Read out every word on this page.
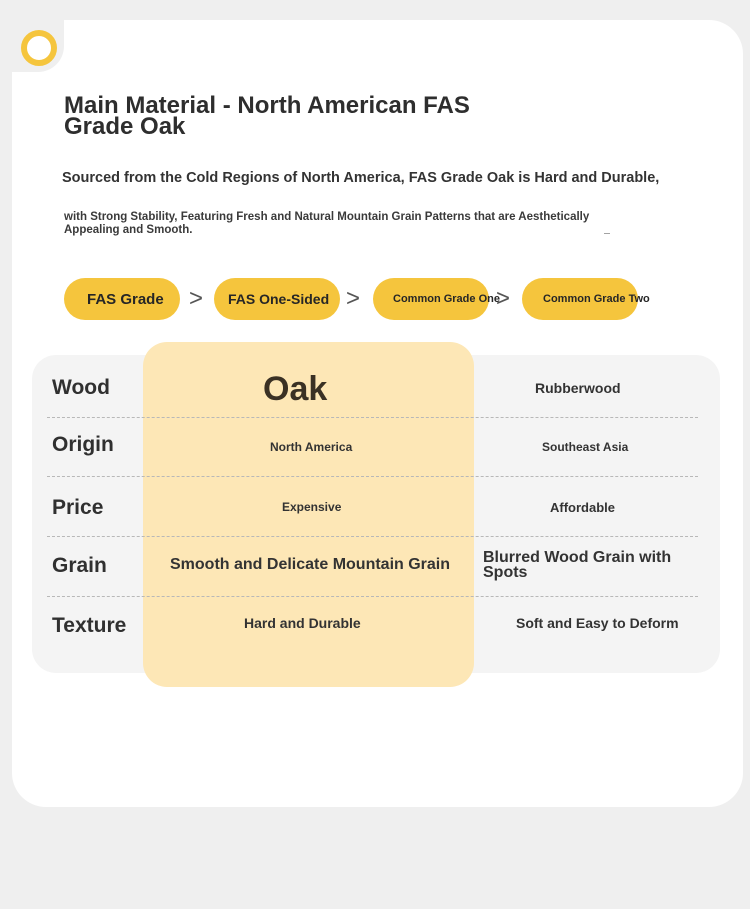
Main Material - North American FAS Grade Oak

Sourced from the Cold Regions of North America, FAS Grade Oak is Hard and Durable,

with Strong Stability, Featuring Fresh and Natural Mountain Grain Patterns that are Aesthetically Appealing and Smooth.

FAS Grade > FAS One-Sided >	Common Grade One
>	Common Grade Two
Wood
Origin
Price
Grain
Texture
Oak
North America
Expensive
Smooth and Delicate Mountain Grain
Hard and Durable
Rubberwood
Southeast Asia
Affordable
Blurred Wood Grain with Spots
Soft and Easy to Deform
